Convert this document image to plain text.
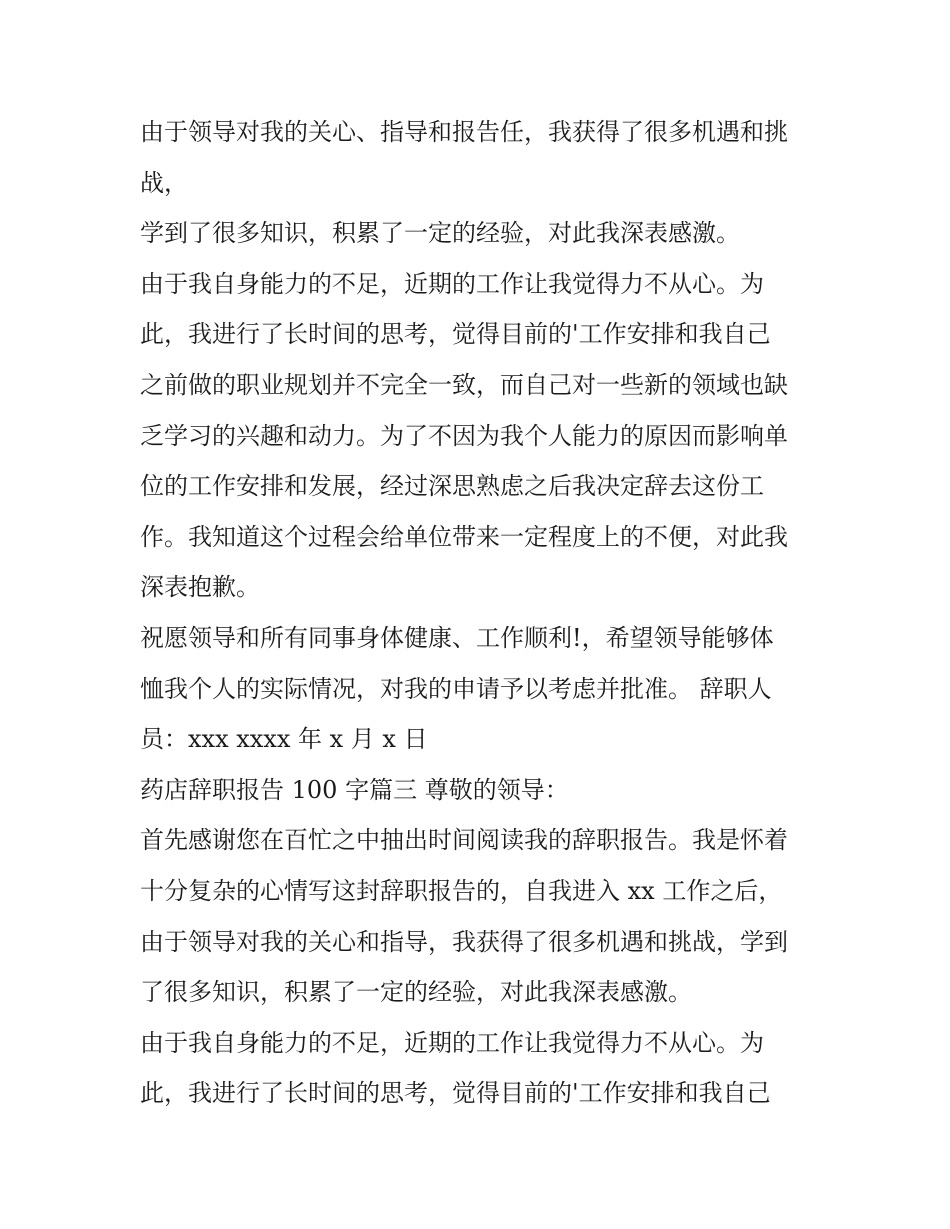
由于领导对我的关心、指导和报告任，我获得了很多机遇和挑
战，
学到了很多知识，积累了一定的经验，对此我深表感激。
由于我自身能力的不足，近期的工作让我觉得力不从心。为
此，我进行了长时间的思考，觉得目前的'工作安排和我自己
之前做的职业规划并不完全一致，而自己对一些新的领域也缺
乏学习的兴趣和动力。为了不因为我个人能力的原因而影响单
位的工作安排和发展，经过深思熟虑之后我决定辞去这份工
作。我知道这个过程会给单位带来一定程度上的不便，对此我
深表抱歉。
祝愿领导和所有同事身体健康、工作顺利!，希望领导能够体
恤我个人的实际情况，对我的申请予以考虑并批准。 辞职人
员：xxx xxxx 年 x 月 x 日
药店辞职报告 100 字篇三 尊敬的领导：
首先感谢您在百忙之中抽出时间阅读我的辞职报告。我是怀着
十分复杂的心情写这封辞职报告的，自我进入 xx 工作之后，
由于领导对我的关心和指导，我获得了很多机遇和挑战，学到
了很多知识，积累了一定的经验，对此我深表感激。
由于我自身能力的不足，近期的工作让我觉得力不从心。为
此，我进行了长时间的思考，觉得目前的'工作安排和我自己
